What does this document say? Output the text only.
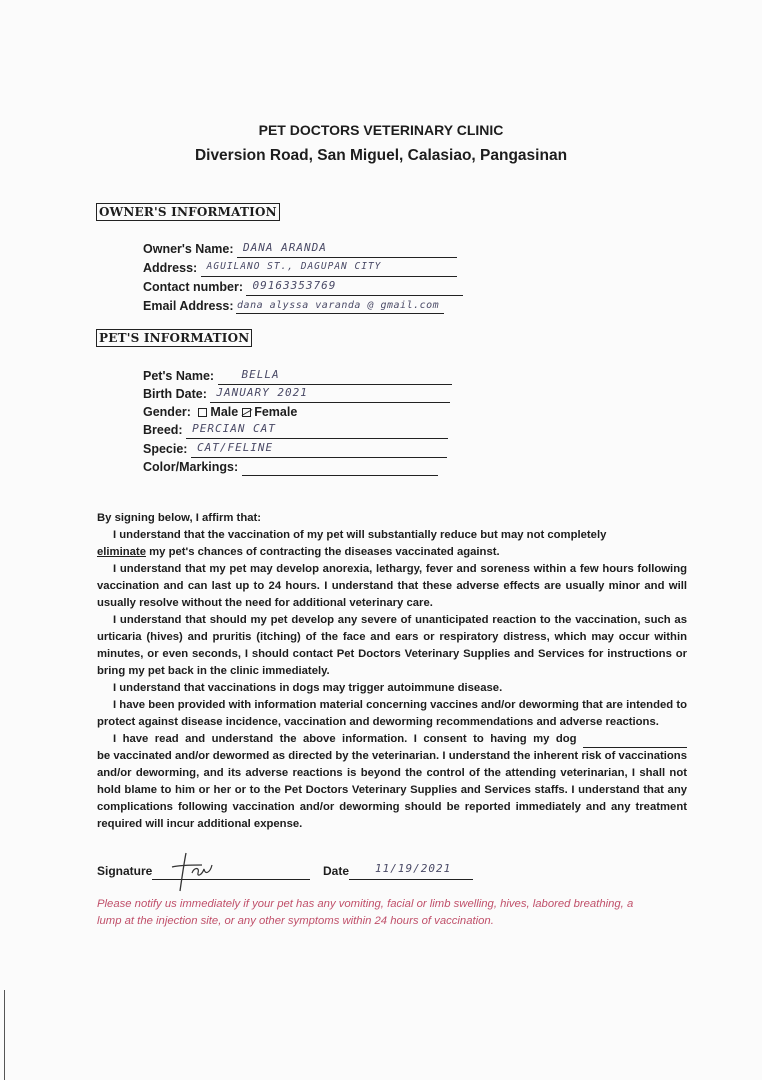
PET DOCTORS VETERINARY CLINIC
Diversion Road, San Miguel, Calasiao, Pangasinan
OWNER'S INFORMATION
Owner's Name: DANA ARANDA
Address: AGUILANO ST., DAGUPAN CITY
Contact number: 09163353769
Email Address: dana alyssa varanda @ gmail.com
PET'S INFORMATION
Pet's Name: BELLA
Birth Date: JANUARY 2021
Gender: Male Female
Breed: PERCIAN CAT
Specie: CAT/FELINE
Color/Markings:

By signing below, I affirm that:

I understand that the vaccination of my pet will substantially reduce but may not completely
eliminate my pet's chances of contracting the diseases vaccinated against.

I understand that my pet may develop anorexia, lethargy, fever and soreness within a few hours following vaccination and can last up to 24 hours. I understand that these adverse effects are usually minor and will usually resolve without the need for additional veterinary care.

I understand that should my pet develop any severe of unanticipated reaction to the vaccination, such as urticaria (hives) and pruritis (itching) of the face and ears or respiratory distress, which may occur within minutes, or even seconds, I should contact Pet Doctors Veterinary Supplies and Services for instructions or bring my pet back in the clinic immediately.

I understand that vaccinations in dogs may trigger autoimmune disease.

I have been provided with information material concerning vaccines and/or deworming that are intended to protect against disease incidence, vaccination and deworming recommendations and adverse reactions.

I have read and understand the above information. I consent to having my dog

be vaccinated and/or dewormed as directed by the veterinarian. I understand the inherent risk of vaccinations and/or deworming, and its adverse reactions is beyond the control of the attending veterinarian, I shall not hold blame to him or her or to the Pet Doctors Veterinary Supplies and Services staffs. I understand that any complications following vaccination and/or deworming should be reported immediately and any treatment required will incur additional expense.

Signature	Date 11/19/2021
Please notify us immediately if your pet has any vomiting, facial or limb swelling, hives, labored breathing, a lump at the injection site, or any other symptoms within 24 hours of vaccination.
